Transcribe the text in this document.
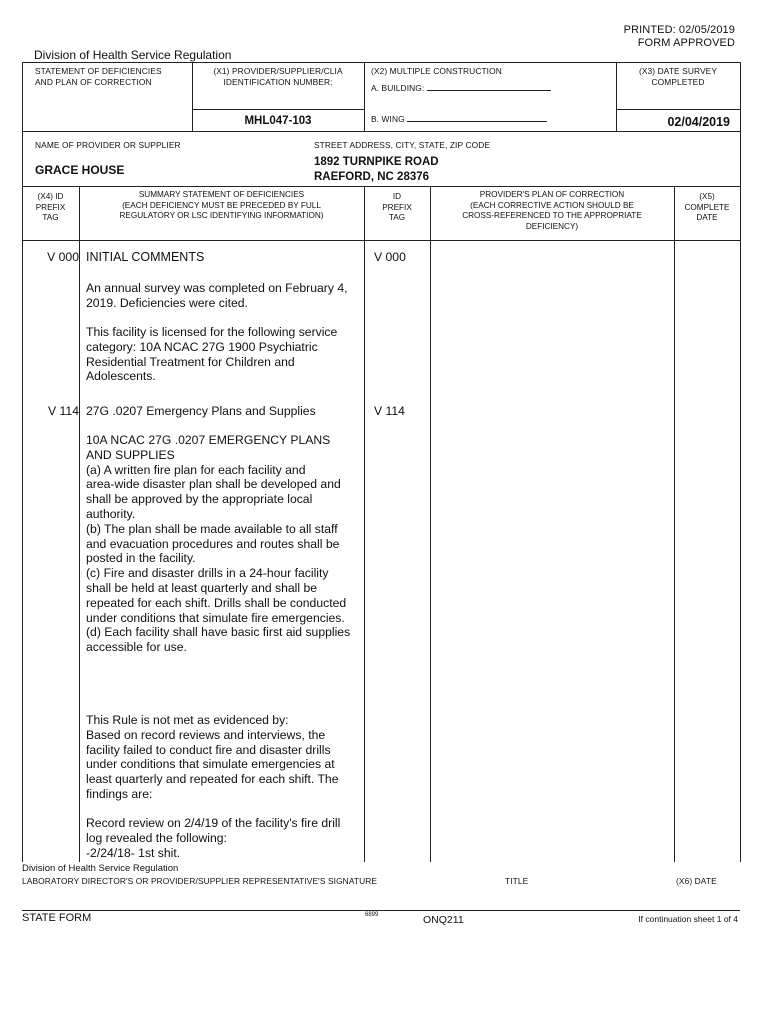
PRINTED: 02/05/2019
FORM APPROVED
Division of Health Service Regulation
STATEMENT OF DEFICIENCIES
AND PLAN OF CORRECTION
(X1) PROVIDER/SUPPLIER/CLIA
IDENTIFICATION NUMBER:
MHL047-103
(X2) MULTIPLE CONSTRUCTION
A. BUILDING:
B. WING
(X3) DATE SURVEY
COMPLETED
02/04/2019
NAME OF PROVIDER OR SUPPLIER
GRACE HOUSE
STREET ADDRESS, CITY, STATE, ZIP CODE
1892 TURNPIKE ROAD
RAEFORD, NC 28376
(X4) ID
PREFIX
TAG
SUMMARY STATEMENT OF DEFICIENCIES
(EACH DEFICIENCY MUST BE PRECEDED BY FULL
REGULATORY OR LSC IDENTIFYING INFORMATION)
ID
PREFIX
TAG
PROVIDER'S PLAN OF CORRECTION
(EACH CORRECTIVE ACTION SHOULD BE
CROSS-REFERENCED TO THE APPROPRIATE
DEFICIENCY)
(X5)
COMPLETE
DATE
V 000	V 000
INITIAL COMMENTS
An annual survey was completed on February 4,
2019. Deficiencies were cited.
This facility is licensed for the following service
category: 10A NCAC 27G 1900 Psychiatric
Residential Treatment for Children and
Adolescents.
V 114	V 114
27G .0207 Emergency Plans and Supplies
10A NCAC 27G .0207 EMERGENCY PLANS
AND SUPPLIES
(a) A written fire plan for each facility and
area-wide disaster plan shall be developed and
shall be approved by the appropriate local
authority.
(b) The plan shall be made available to all staff
and evacuation procedures and routes shall be
posted in the facility.
(c) Fire and disaster drills in a 24-hour facility
shall be held at least quarterly and shall be
repeated for each shift. Drills shall be conducted
under conditions that simulate fire emergencies.
(d) Each facility shall have basic first aid supplies
accessible for use.
This Rule is not met as evidenced by:
Based on record reviews and interviews, the
facility failed to conduct fire and disaster drills
under conditions that simulate emergencies at
least quarterly and repeated for each shift. The
findings are:
Record review on 2/4/19 of the facility's fire drill
log revealed the following:
-2/24/18- 1st shit.
Division of Health Service Regulation
LABORATORY DIRECTOR'S OR PROVIDER/SUPPLIER REPRESENTATIVE'S SIGNATURE	TITLE	(X6) DATE
STATE FORM	6899	ONQ211	If continuation sheet 1 of 4
